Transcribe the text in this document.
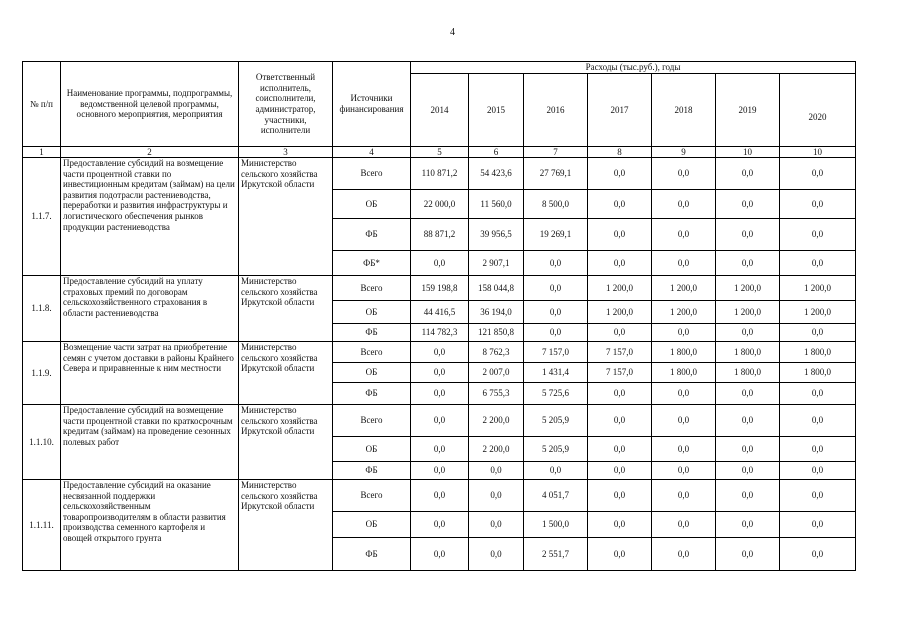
4
№ п/п	Наименование программы, подпрограммы, ведомственной целевой программы, основного мероприятия, мероприятия	Ответственный исполнитель, соисполнители, администратор, участники, исполнители	Источники финансирования	Расходы (тыс.руб.), годы						
				2014	2015	2016	2017	2018	2019	2020
1	2	3	4	5	6	7	8	9	10	10
1.1.7.	Предоставление субсидий на возмещение части процентной ставки по инвестиционным кредитам (займам) на цели развития подотрасли растениеводства, переработки и развития инфраструктуры и логистического обеспечения рынков продукции растениеводства	Министерство сельского хозяйства Иркутской области	Всего	110 871,2	54 423,6	27 769,1	0,0	0,0	0,0	0,0
			ОБ	22 000,0	11 560,0	8 500,0	0,0	0,0	0,0	0,0
			ФБ	88 871,2	39 956,5	19 269,1	0,0	0,0	0,0	0,0
			ФБ*	0,0	2 907,1	0,0	0,0	0,0	0,0	0,0
1.1.8.	Предоставление субсидий на уплату страховых премий по договорам сельскохозяйственного страхования в области растениеводства	Министерство сельского хозяйства Иркутской области	Всего	159 198,8	158 044,8	0,0	1 200,0	1 200,0	1 200,0	1 200,0
			ОБ	44 416,5	36 194,0	0,0	1 200,0	1 200,0	1 200,0	1 200,0
			ФБ	114 782,3	121 850,8	0,0	0,0	0,0	0,0	0,0
1.1.9.	Возмещение части затрат на приобретение семян с учетом доставки в районы Крайнего Севера и приравненные к ним местности	Министерство сельского хозяйства Иркутской области	Всего	0,0	8 762,3	7 157,0	7 157,0	1 800,0	1 800,0	1 800,0
			ОБ	0,0	2 007,0	1 431,4	7 157,0	1 800,0	1 800,0	1 800,0
			ФБ	0,0	6 755,3	5 725,6	0,0	0,0	0,0	0,0
1.1.10.	Предоставление субсидий на возмещение части процентной ставки по краткосрочным кредитам (займам) на проведение сезонных полевых работ	Министерство сельского хозяйства Иркутской области	Всего	0,0	2 200,0	5 205,9	0,0	0,0	0,0	0,0
			ОБ	0,0	2 200,0	5 205,9	0,0	0,0	0,0	0,0
			ФБ	0,0	0,0	0,0	0,0	0,0	0,0	0,0
1.1.11.	Предоставление субсидий на оказание несвязанной поддержки сельскохозяйственным товаропроизводителям в области развития производства семенного картофеля и овощей открытого грунта	Министерство сельского хозяйства Иркутской области	Всего	0,0	0,0	4 051,7	0,0	0,0	0,0	0,0
			ОБ	0,0	0,0	1 500,0	0,0	0,0	0,0	0,0
			ФБ	0,0	0,0	2 551,7	0,0	0,0	0,0	0,0
